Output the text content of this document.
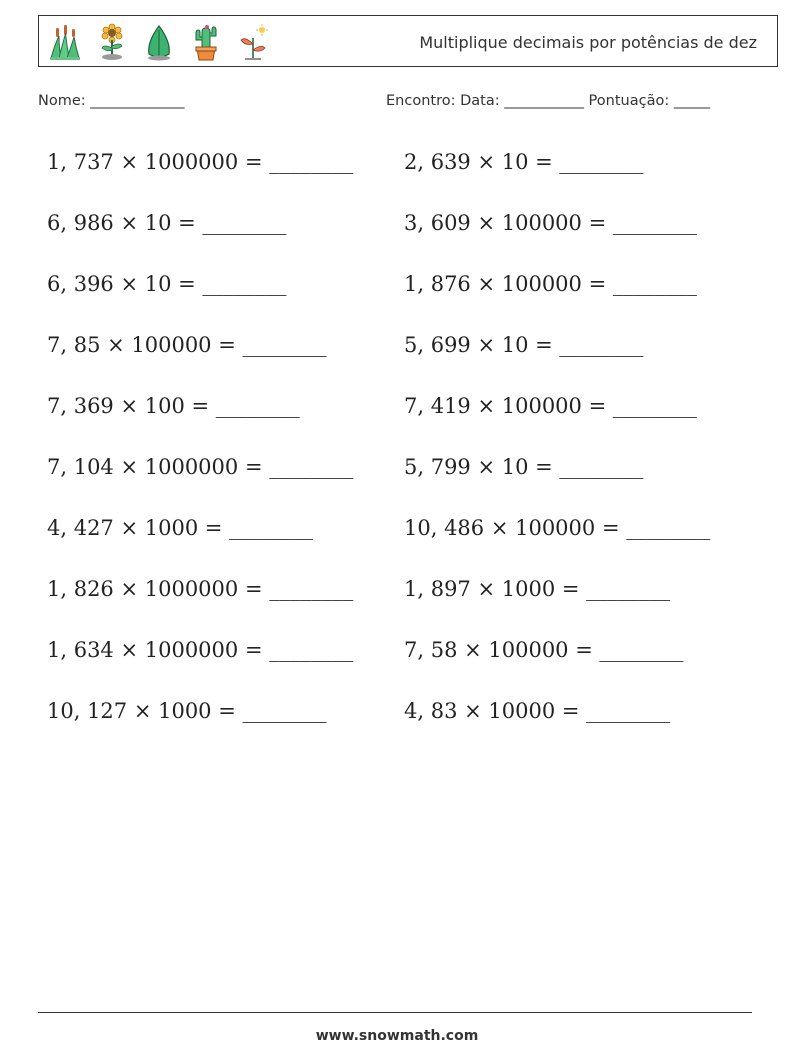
Multiplique decimais por potências de dez
Nome: _____________	Encontro: Data: ___________ Pontuação: _____
1, 737 × 1000000 = ________
6, 986 × 10 = ________
6, 396 × 10 = ________
7, 85 × 100000 = ________
7, 369 × 100 = ________
7, 104 × 1000000 = ________
4, 427 × 1000 = ________
1, 826 × 1000000 = ________
1, 634 × 1000000 = ________
10, 127 × 1000 = ________
2, 639 × 10 = ________
3, 609 × 100000 = ________
1, 876 × 100000 = ________
5, 699 × 10 = ________
7, 419 × 100000 = ________
5, 799 × 10 = ________
10, 486 × 100000 = ________
1, 897 × 1000 = ________
7, 58 × 100000 = ________
4, 83 × 10000 = ________
www.snowmath.com
